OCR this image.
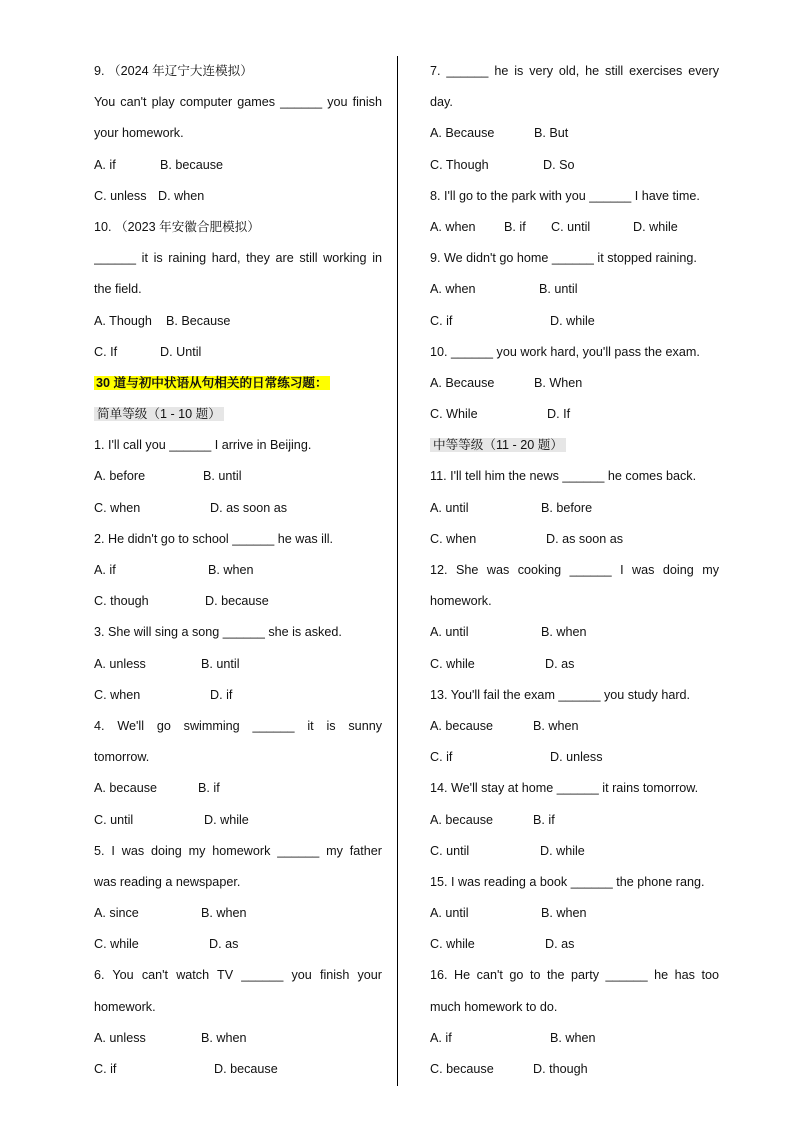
9. （2024 年辽宁大连模拟）
You can't play computer games ______ you finish
your homework.
A. if	B. because
C. unless D. when
10. （2023 年安徽合肥模拟）
______ it is raining hard, they are still working in
the field.
A. Though	B. Because
C. If	D. Until
30 道与初中状语从句相关的日常练习题：
简单等级（1 - 10 题）
1. I'll call you ______ I arrive in Beijing.
A. before	B. until
C. when	D. as soon as
2. He didn't go to school ______ he was ill.
A. if	B. when
C. though	D. because
3. She will sing a song ______ she is asked.
A. unless	B. until
C. when	D. if
4. We'll go swimming ______ it is sunny
tomorrow.
A. because	B. if
C. until	D. while
5. I was doing my homework ______ my father
was reading a newspaper.
A. since	B. when
C. while	D. as
6. You can't watch TV ______ you finish your
homework.
A. unless	B. when
C. if	D. because
7. ______ he is very old, he still exercises every
day.
A. Because	B. But
C. Though	D. So
8. I'll go to the park with you ______ I have time.
A. when	B. if	C. until	D. while
9. We didn't go home ______ it stopped raining.
A. when	B. until
C. if	D. while
10. ______ you work hard, you'll pass the exam.
A. Because	B. When
C. While	D. If
中等等级（11 - 20 题）
11. I'll tell him the news ______ he comes back.
A. until	B. before
C. when	D. as soon as
12. She was cooking ______ I was doing my
homework.
A. until	B. when
C. while	D. as
13. You'll fail the exam ______ you study hard.
A. because	B. when
C. if	D. unless
14. We'll stay at home ______ it rains tomorrow.
A. because	B. if
C. until	D. while
15. I was reading a book ______ the phone rang.
A. until	B. when
C. while	D. as
16. He can't go to the party ______ he has too
much homework to do.
A. if	B. when
C. because	D. though
